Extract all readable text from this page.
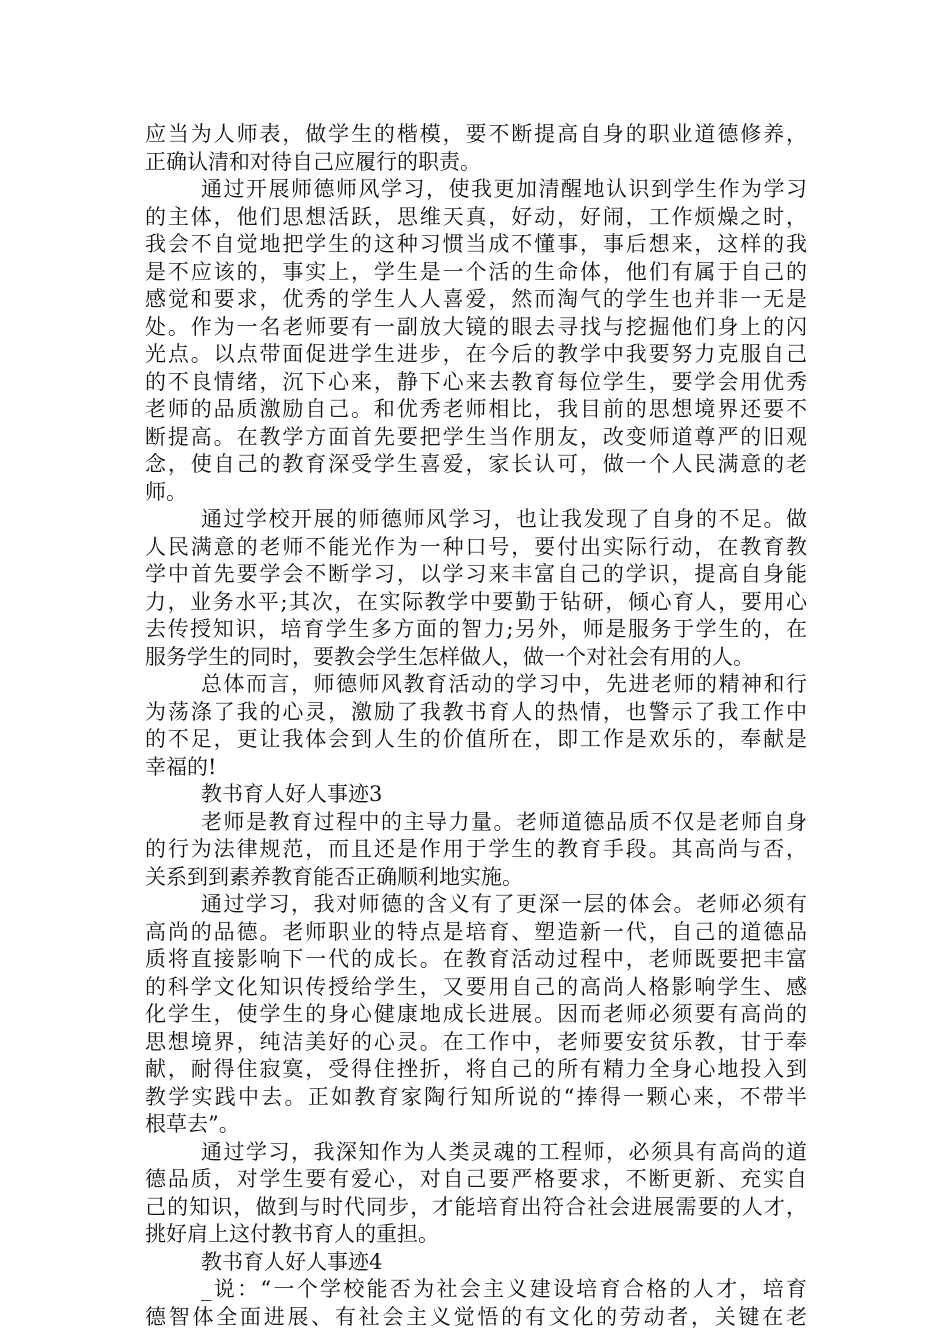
应当为人师表，做学生的楷模，要不断提高自身的职业道德修养，
正确认清和对待自己应履行的职责。
通过开展师德师风学习，使我更加清醒地认识到学生作为学习
的主体，他们思想活跃，思维天真，好动，好闹，工作烦燥之时，
我会不自觉地把学生的这种习惯当成不懂事，事后想来，这样的我
是不应该的，事实上，学生是一个活的生命体，他们有属于自己的
感觉和要求，优秀的学生人人喜爱，然而淘气的学生也并非一无是
处。作为一名老师要有一副放大镜的眼去寻找与挖掘他们身上的闪
光点。以点带面促进学生进步，在今后的教学中我要努力克服自己
的不良情绪，沉下心来，静下心来去教育每位学生，要学会用优秀
老师的品质激励自己。和优秀老师相比，我目前的思想境界还要不
断提高。在教学方面首先要把学生当作朋友，改变师道尊严的旧观
念，使自己的教育深受学生喜爱，家长认可，做一个人民满意的老
师。
通过学校开展的师德师风学习，也让我发现了自身的不足。做
人民满意的老师不能光作为一种口号，要付出实际行动，在教育教
学中首先要学会不断学习，以学习来丰富自己的学识，提高自身能
力，业务水平;其次，在实际教学中要勤于钻研，倾心育人，要用心
去传授知识，培育学生多方面的智力;另外，师是服务于学生的，在
服务学生的同时，要教会学生怎样做人，做一个对社会有用的人。
总体而言，师德师风教育活动的学习中，先进老师的精神和行
为荡涤了我的心灵，激励了我教书育人的热情，也警示了我工作中
的不足，更让我体会到人生的价值所在，即工作是欢乐的，奉献是
幸福的!
教书育人好人事迹3
老师是教育过程中的主导力量。老师道德品质不仅是老师自身
的行为法律规范，而且还是作用于学生的教育手段。其高尚与否，
关系到到素养教育能否正确顺利地实施。
通过学习，我对师德的含义有了更深一层的体会。老师必须有
高尚的品德。老师职业的特点是培育、塑造新一代，自己的道德品
质将直接影响下一代的成长。在教育活动过程中，老师既要把丰富
的科学文化知识传授给学生，又要用自己的高尚人格影响学生、感
化学生，使学生的身心健康地成长进展。因而老师必须要有高尚的
思想境界，纯洁美好的心灵。在工作中，老师要安贫乐教，甘于奉
献，耐得住寂寞，受得住挫折，将自己的所有精力全身心地投入到
教学实践中去。正如教育家陶行知所说的“捧得一颗心来，不带半
根草去”。
通过学习，我深知作为人类灵魂的工程师，必须具有高尚的道
德品质，对学生要有爱心，对自己要严格要求，不断更新、充实自
己的知识，做到与时代同步，才能培育出符合社会进展需要的人才，
挑好肩上这付教书育人的重担。
教书育人好人事迹4
_说：“一个学校能否为社会主义建设培育合格的人才，培育
德智体全面进展、有社会主义觉悟的有文化的劳动者，关键在老
